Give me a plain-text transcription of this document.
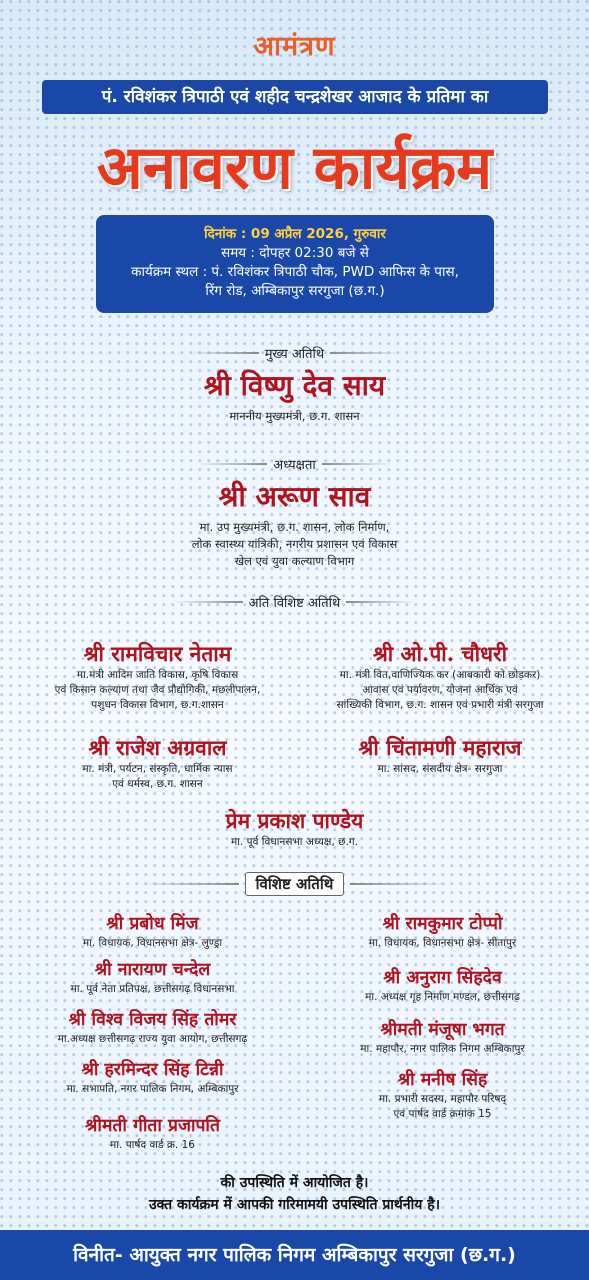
आमंत्रण
पं. रविशंकर त्रिपाठी एवं शहीद चन्द्रशेखर आजाद के प्रतिमा का
अनावरण कार्यक्रम
दिनांक : 09 अप्रैल 2026, गुरुवार
समय : दोपहर 02:30 बजे से
कार्यक्रम स्थल : पं. रविशंकर त्रिपाठी चौक, PWD आफिस के पास,
रिंग रोड, अम्बिकापुर सरगुजा (छ.ग.)
मुख्य अतिथि
श्री विष्णु देव साय
माननीय मुख्यमंत्री, छ.ग. शासन
अध्यक्षता
श्री अरूण साव
मा. उप मुख्यमंत्री, छ.ग. शासन, लोक निर्माण,
लोक स्वास्थ्य यांत्रिकी, नगरीय प्रशासन एवं विकास
खेल एवं युवा कल्याण विभाग
अति विशिष्ट अतिथि
श्री रामविचार नेताम
मा.मंत्री आदिम जाति विकास, कृषि विकास
एवं किसान कल्याण तथा जैव प्रौद्योगिकी, मछलीपालन,
पशुधन विकास विभाग, छ.ग.शासन
श्री ओ.पी. चौधरी
मा. मंत्री वित,वाणिज्यिक कर (आबकारी को छोड़कर)
आवास एवं पर्यावरण, योजना आर्थिक एवं
सांख्यिकी विभाग, छ.ग. शासन एवं प्रभारी मंत्री सरगुजा
श्री राजेश अग्रवाल
मा. मंत्री, पर्यटन, संस्कृति, धार्मिक न्यास
एवं धर्मस्व, छ.ग. शासन
श्री चिंतामणी महाराज
मा. सांसद, संसदीय क्षेत्र- सरगुजा
प्रेम प्रकाश पाण्डेय
मा. पूर्व विधानसभा अध्यक्ष, छ.ग.
विशिष्ट अतिथि
श्री प्रबोध मिंज
मा. विधायक, विधानसभा क्षेत्र- लुण्ड्रा
श्री नारायण चन्देल
मा. पूर्व नेता प्रतिपक्ष, छत्तीसगढ़ विधानसभा
श्री विश्व विजय सिंह तोमर
मा.अध्यक्ष छत्तीसगढ़ राज्य युवा आयोग, छत्तीसगढ़
श्री हरमिन्दर सिंह टिन्नी
मा. सभापति, नगर पालिक निगम, अम्बिकापुर
श्रीमती गीता प्रजापति
मा. पार्षद वार्ड क्र. 16
श्री रामकुमार टोप्पो
मा. विधायक, विधानसभा क्षेत्र- सीतापुर
श्री अनुराग सिंहदेव
मा. अध्यक्ष गृह निर्माण मण्डल, छत्तीसगढ़
श्रीमती मंजूषा भगत
मा. महापौर, नगर पालिक निगम अम्बिकापुर
श्री मनीष सिंह
मा. प्रभारी सदस्य, महापौर परिषद्
एवं पार्षद वार्ड क्रमांक 15
की उपस्थिति में आयोजित है।
उक्त कार्यक्रम में आपकी गरिमामयी उपस्थिति प्रार्थनीय है।
विनीत- आयुक्त नगर पालिक निगम अम्बिकापुर सरगुजा (छ.ग.)
